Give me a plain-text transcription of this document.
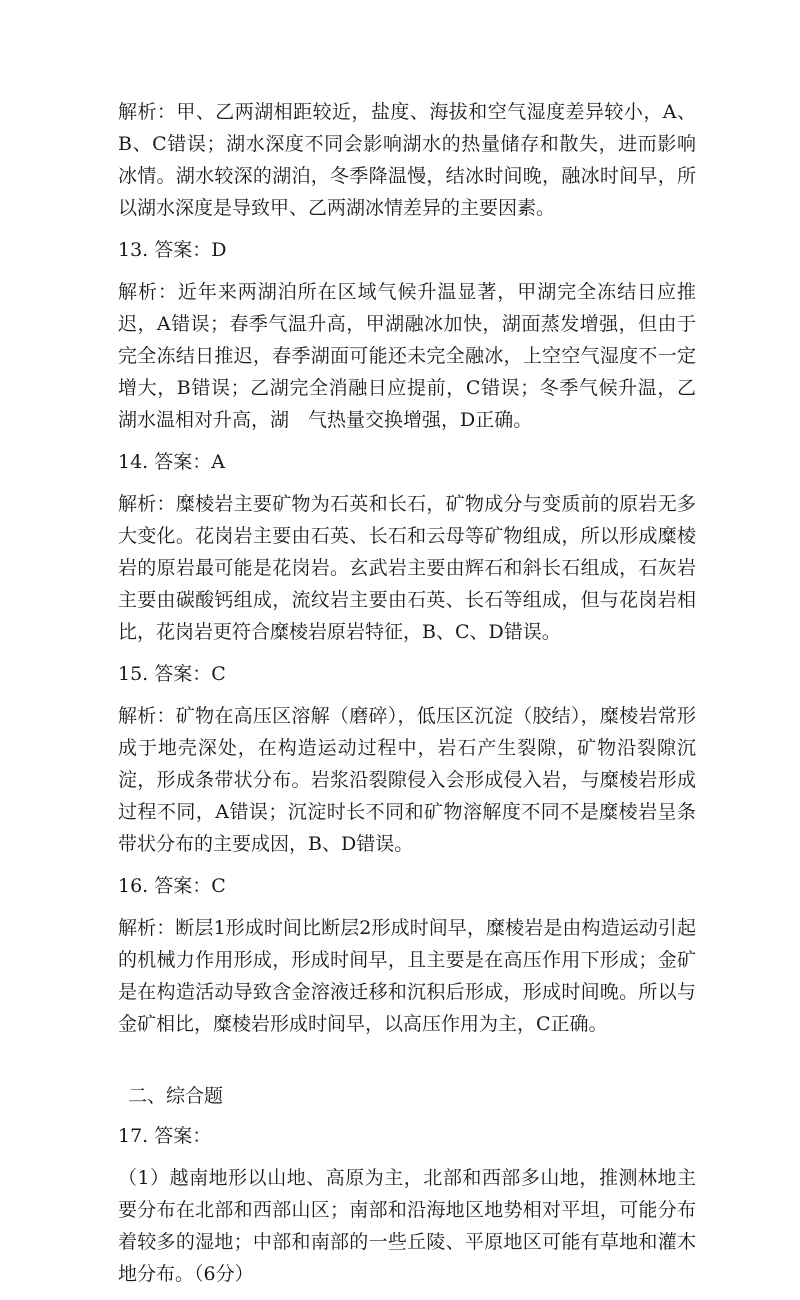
解析：甲、乙两湖相距较近，盐度、海拔和空气湿度差异较小，A、B、C错误；湖水深度不同会影响湖水的热量储存和散失，进而影响冰情。湖水较深的湖泊，冬季降温慢，结冰时间晚，融冰时间早，所以湖水深度是导致甲、乙两湖冰情差异的主要因素。

13. 答案：D

解析：近年来两湖泊所在区域气候升温显著，甲湖完全冻结日应推迟，A错误；春季气温升高，甲湖融冰加快，湖面蒸发增强，但由于完全冻结日推迟，春季湖面可能还未完全融冰，上空空气湿度不一定增大，B错误；乙湖完全消融日应提前，C错误；冬季气候升温，乙湖水温相对升高，湖　气热量交换增强，D正确。

14. 答案：A

解析：糜棱岩主要矿物为石英和长石，矿物成分与变质前的原岩无多大变化。花岗岩主要由石英、长石和云母等矿物组成，所以形成糜棱岩的原岩最可能是花岗岩。玄武岩主要由辉石和斜长石组成，石灰岩主要由碳酸钙组成，流纹岩主要由石英、长石等组成，但与花岗岩相比，花岗岩更符合糜棱岩原岩特征，B、C、D错误。

15. 答案：C

解析：矿物在高压区溶解（磨碎），低压区沉淀（胶结），糜棱岩常形成于地壳深处，在构造运动过程中，岩石产生裂隙，矿物沿裂隙沉淀，形成条带状分布。岩浆沿裂隙侵入会形成侵入岩，与糜棱岩形成过程不同，A错误；沉淀时长不同和矿物溶解度不同不是糜棱岩呈条带状分布的主要成因，B、D错误。

16. 答案：C

解析：断层1形成时间比断层2形成时间早，糜棱岩是由构造运动引起的机械力作用形成，形成时间早，且主要是在高压作用下形成；金矿是在构造活动导致含金溶液迁移和沉积后形成，形成时间晚。所以与金矿相比，糜棱岩形成时间早，以高压作用为主，C正确。

二、综合题

17. 答案：

（1）越南地形以山地、高原为主，北部和西部多山地，推测林地主要分布在北部和西部山区；南部和沿海地区地势相对平坦，可能分布着较多的湿地；中部和南部的一些丘陵、平原地区可能有草地和灌木地分布。（6分）
